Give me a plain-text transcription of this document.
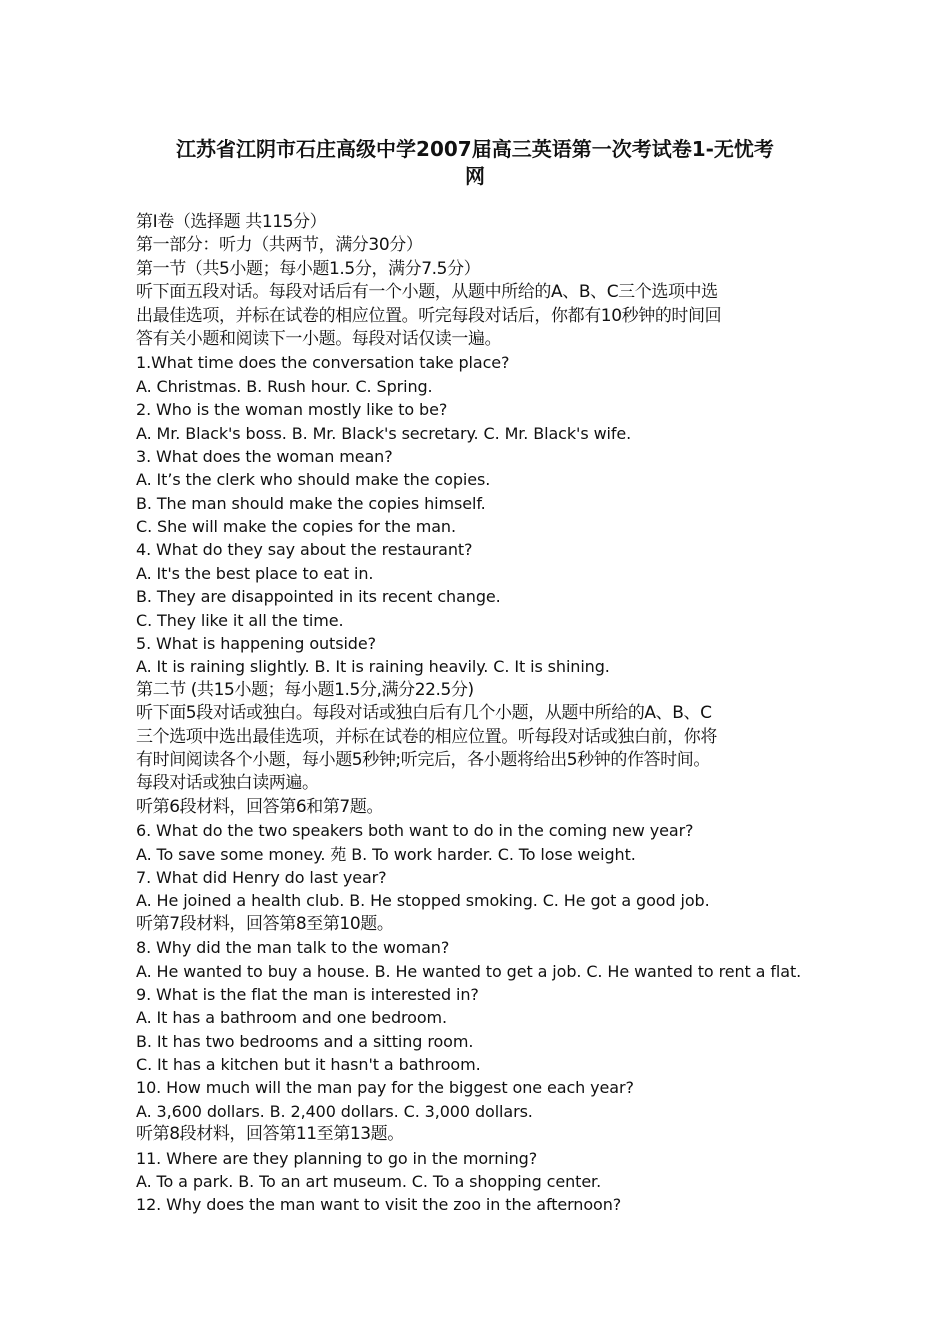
江苏省江阴市石庄高级中学2007届高三英语第一次考试卷1-无忧考
网
第Ⅰ卷（选择题 共115分）
第一部分：听力（共两节，满分30分）
第一节（共5小题；每小题1.5分，满分7.5分）
听下面五段对话。每段对话后有一个小题，从题中所给的A、B、C三个选项中选
出最佳选项，并标在试卷的相应位置。听完每段对话后，你都有10秒钟的时间回
答有关小题和阅读下一小题。每段对话仅读一遍。
1.What time does the conversation take place?
A. Christmas. B. Rush hour. C. Spring.
2. Who is the woman mostly like to be?
A. Mr. Black's boss. B. Mr. Black's secretary. C. Mr. Black's wife.
3. What does the woman mean?
A. It’s the clerk who should make the copies.
B. The man should make the copies himself.
C. She will make the copies for the man.
4. What do they say about the restaurant?
A. It's the best place to eat in.
B. They are disappointed in its recent change.
C. They like it all the time.
5. What is happening outside?
A. It is raining slightly. B. It is raining heavily. C. It is shining.
第二节 (共15小题；每小题1.5分,满分22.5分)
听下面5段对话或独白。每段对话或独白后有几个小题，从题中所给的A、B、C
三个选项中选出最佳选项，并标在试卷的相应位置。听每段对话或独白前，你将
有时间阅读各个小题，每小题5秒钟;听完后，各小题将给出5秒钟的作答时间。
每段对话或独白读两遍。
听第6段材料，回答第6和第7题。
6. What do the two speakers both want to do in the coming new year?
A. To save some money. 苑 B. To work harder. C. To lose weight.
7. What did Henry do last year?
A. He joined a health club. B. He stopped smoking. C. He got a good job.
听第7段材料，回答第8至第10题。
8. Why did the man talk to the woman?
A. He wanted to buy a house. B. He wanted to get a job. C. He wanted to rent a flat.
9. What is the flat the man is interested in?
A. It has a bathroom and one bedroom.
B. It has two bedrooms and a sitting room.
C. It has a kitchen but it hasn't a bathroom.
10. How much will the man pay for the biggest one each year?
A. 3,600 dollars. B. 2,400 dollars. C. 3,000 dollars.
听第8段材料，回答第11至第13题。
11. Where are they planning to go in the morning?
A. To a park. B. To an art museum. C. To a shopping center.
12. Why does the man want to visit the zoo in the afternoon?
